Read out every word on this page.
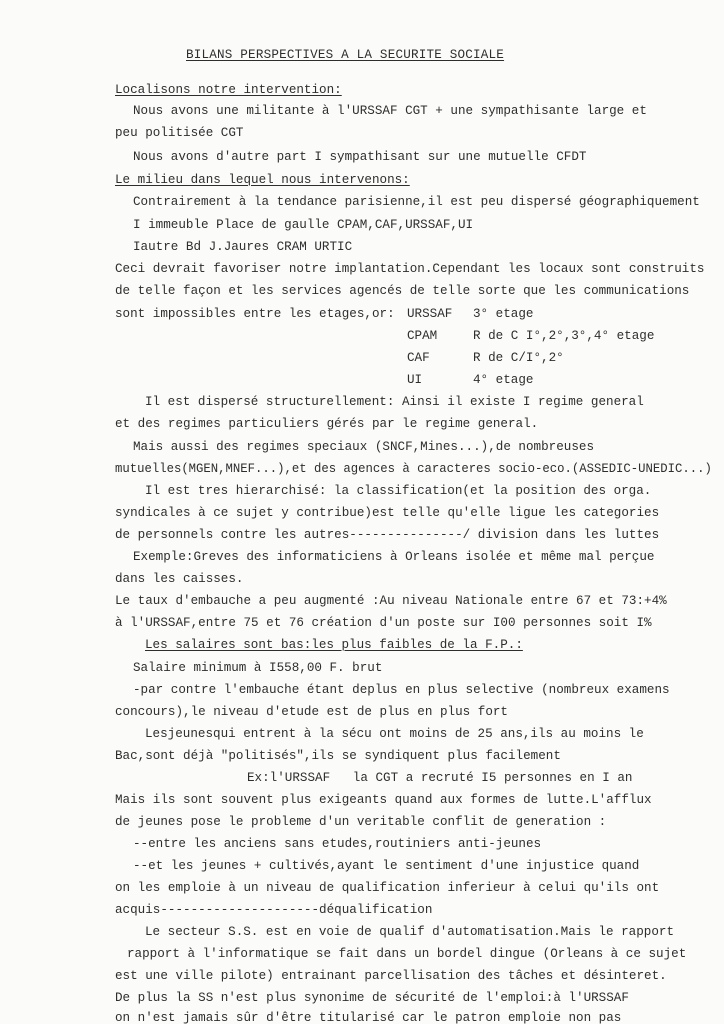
BILANS PERSPECTIVES A LA SECURITE SOCIALE
Localisons notre intervention:
Nous avons une militante à l'URSSAF CGT + une sympathisante large et
peu politisée CGT
Nous avons d'autre part I sympathisant sur une mutuelle CFDT
Le milieu dans lequel nous intervenons:
Contrairement à la tendance parisienne,il est peu dispersé géographiquement
I immeuble Place de gaulle CPAM,CAF,URSSAF,UI
Iautre Bd J.Jaures CRAM URTIC
Ceci devrait favoriser notre implantation.Cependant les locaux sont construits
de telle façon et les services agencés de telle sorte que les communications
sont impossibles entre les etages,or: URSSAF 3° etage
CPAM	R de C I°,2°,3°,4° etage
CAF	R de C/I°,2°
UI	4° etage
Il est dispersé structurellement: Ainsi il existe I regime general
et des regimes particuliers gérés par le regime general.
Mais aussi des regimes speciaux (SNCF,Mines...),de nombreuses
mutuelles(MGEN,MNEF...),et des agences à caracteres socio-eco.(ASSEDIC-UNEDIC...)
Il est tres hierarchisé: la classification(et la position des orga.
syndicales à ce sujet y contribue)est telle qu'elle ligue les categories
de personnels contre les autres---------------/ division dans les luttes
Exemple:Greves des informaticiens à Orleans isolée et même mal perçue
dans les caisses.
Le taux d'embauche a peu augmenté :Au niveau Nationale entre 67 et 73:+4%
à l'URSSAF,entre 75 et 76 création d'un poste sur I00 personnes soit I%
Les salaires sont bas:les plus faibles de la F.P.:
Salaire minimum à I558,00 F. brut
-par contre l'embauche étant deplus en plus selective (nombreux examens
concours),le niveau d'etude est de plus en plus fort
Lesjeunesqui entrent à la sécu ont moins de 25 ans,ils au moins le
Bac,sont déjà "politisés",ils se syndiquent plus facilement
Ex:l'URSSAF   la CGT a recruté I5 personnes en I an
Mais ils sont souvent plus exigeants quand aux formes de lutte.L'afflux
de jeunes pose le probleme d'un veritable conflit de generation :
--entre les anciens sans etudes,routiniers anti-jeunes
--et les jeunes + cultivés,ayant le sentiment d'une injustice quand
on les emploie à un niveau de qualification inferieur à celui qu'ils ont
acquis---------------------déqualification
Le secteur S.S. est en voie de qualif d'automatisation.Mais le rapport
rapport à l'informatique se fait dans un bordel dingue (Orleans à ce sujet
est une ville pilote) entrainant parcellisation des tâches et désinteret.
De plus la SS n'est plus synonime de sécurité de l'emploi:à l'URSSAF
on n'est jamais sûr d'être titularisé car le patron emploie non pas
